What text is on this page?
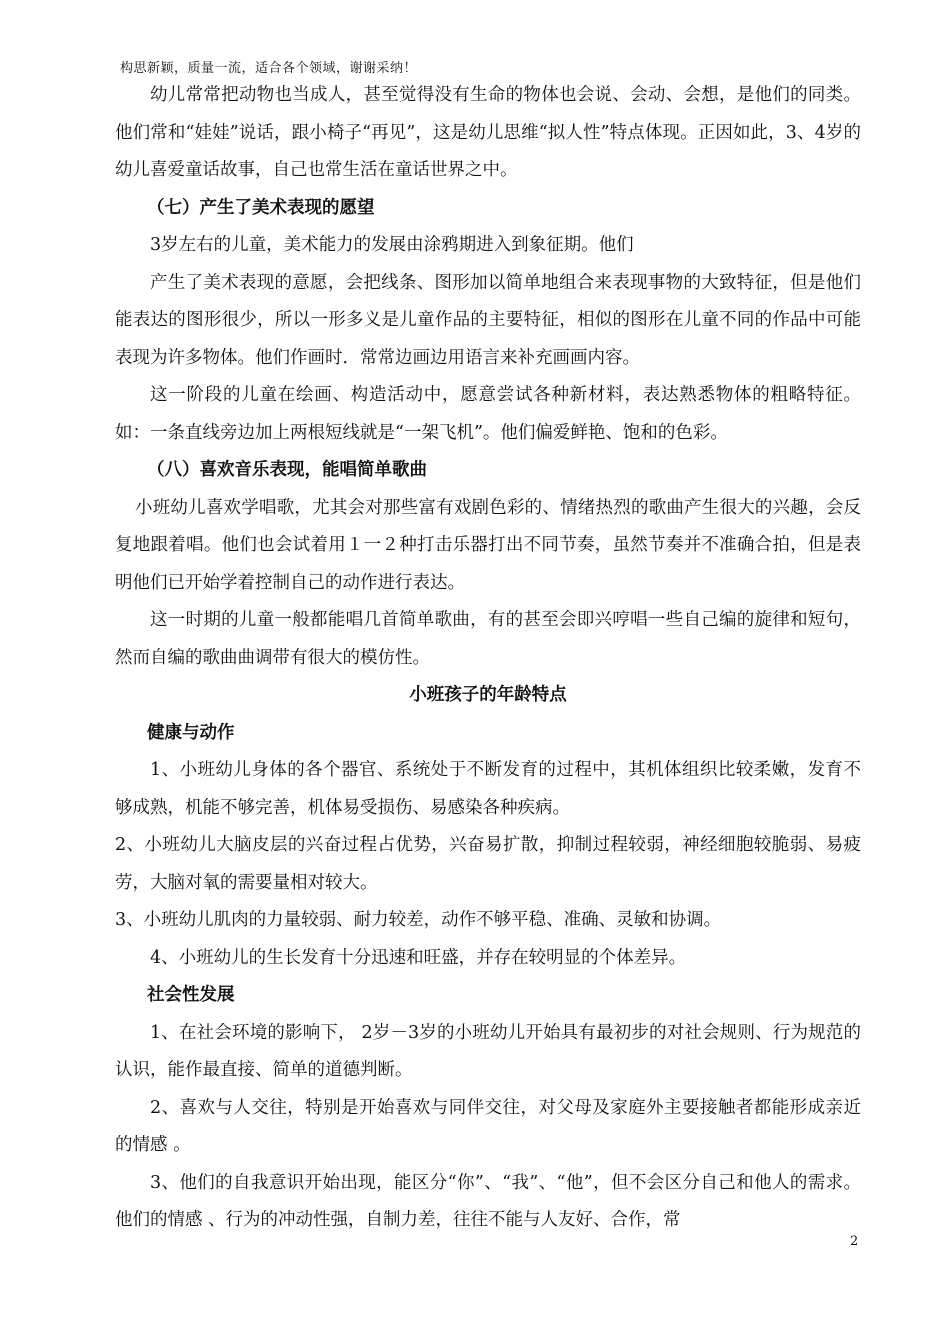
构思新颖，质量一流，适合各个领域，谢谢采纳！

幼儿常常把动物也当成人，甚至觉得没有生命的物体也会说、会动、会想，是他们的同类。他们常和“娃娃”说话，跟小椅子“再见”，这是幼儿思维“拟人性”特点体现。正因如此，3、4岁的幼儿喜爱童话故事，自己也常生活在童话世界之中。

（七）产生了美术表现的愿望

3岁左右的儿童，美术能力的发展由涂鸦期进入到象征期。他们

产生了美术表现的意愿，会把线条、图形加以简单地组合来表现事物的大致特征，但是他们能表达的图形很少，所以一形多义是儿童作品的主要特征，相似的图形在儿童不同的作品中可能表现为许多物体。他们作画时．常常边画边用语言来补充画画内容。

这一阶段的儿童在绘画、构造活动中，愿意尝试各种新材料，表达熟悉物体的粗略特征。如：一条直线旁边加上两根短线就是“一架飞机”。他们偏爱鲜艳、饱和的色彩。

（八）喜欢音乐表现，能唱简单歌曲

小班幼儿喜欢学唱歌，尤其会对那些富有戏剧色彩的、情绪热烈的歌曲产生很大的兴趣，会反复地跟着唱。他们也会试着用１一２种打击乐器打出不同节奏，虽然节奏并不准确合拍，但是表明他们已开始学着控制自己的动作进行表达。

这一时期的儿童一般都能唱几首简单歌曲，有的甚至会即兴哼唱一些自己编的旋律和短句，然而自编的歌曲曲调带有很大的模仿性。

小班孩子的年龄特点

健康与动作

1、小班幼儿身体的各个器官、系统处于不断发育的过程中，其机体组织比较柔嫩，发育不够成熟，机能不够完善，机体易受损伤、易感染各种疾病。

2、小班幼儿大脑皮层的兴奋过程占优势，兴奋易扩散，抑制过程较弱，神经细胞较脆弱、易疲劳，大脑对氧的需要量相对较大。

3、小班幼儿肌肉的力量较弱、耐力较差，动作不够平稳、准确、灵敏和协调。

4、小班幼儿的生长发育十分迅速和旺盛，并存在较明显的个体差异。

社会性发展

1、在社会环境的影响下， 2岁－3岁的小班幼儿开始具有最初步的对社会规则、行为规范的认识，能作最直接、简单的道德判断。

2、喜欢与人交往，特别是开始喜欢与同伴交往，对父母及家庭外主要接触者都能形成亲近的情感 。

3、他们的自我意识开始出现，能区分“你”、“我”、“他”，但不会区分自己和他人的需求。他们的情感 、行为的冲动性强，自制力差，往往不能与人友好、合作，常

2
